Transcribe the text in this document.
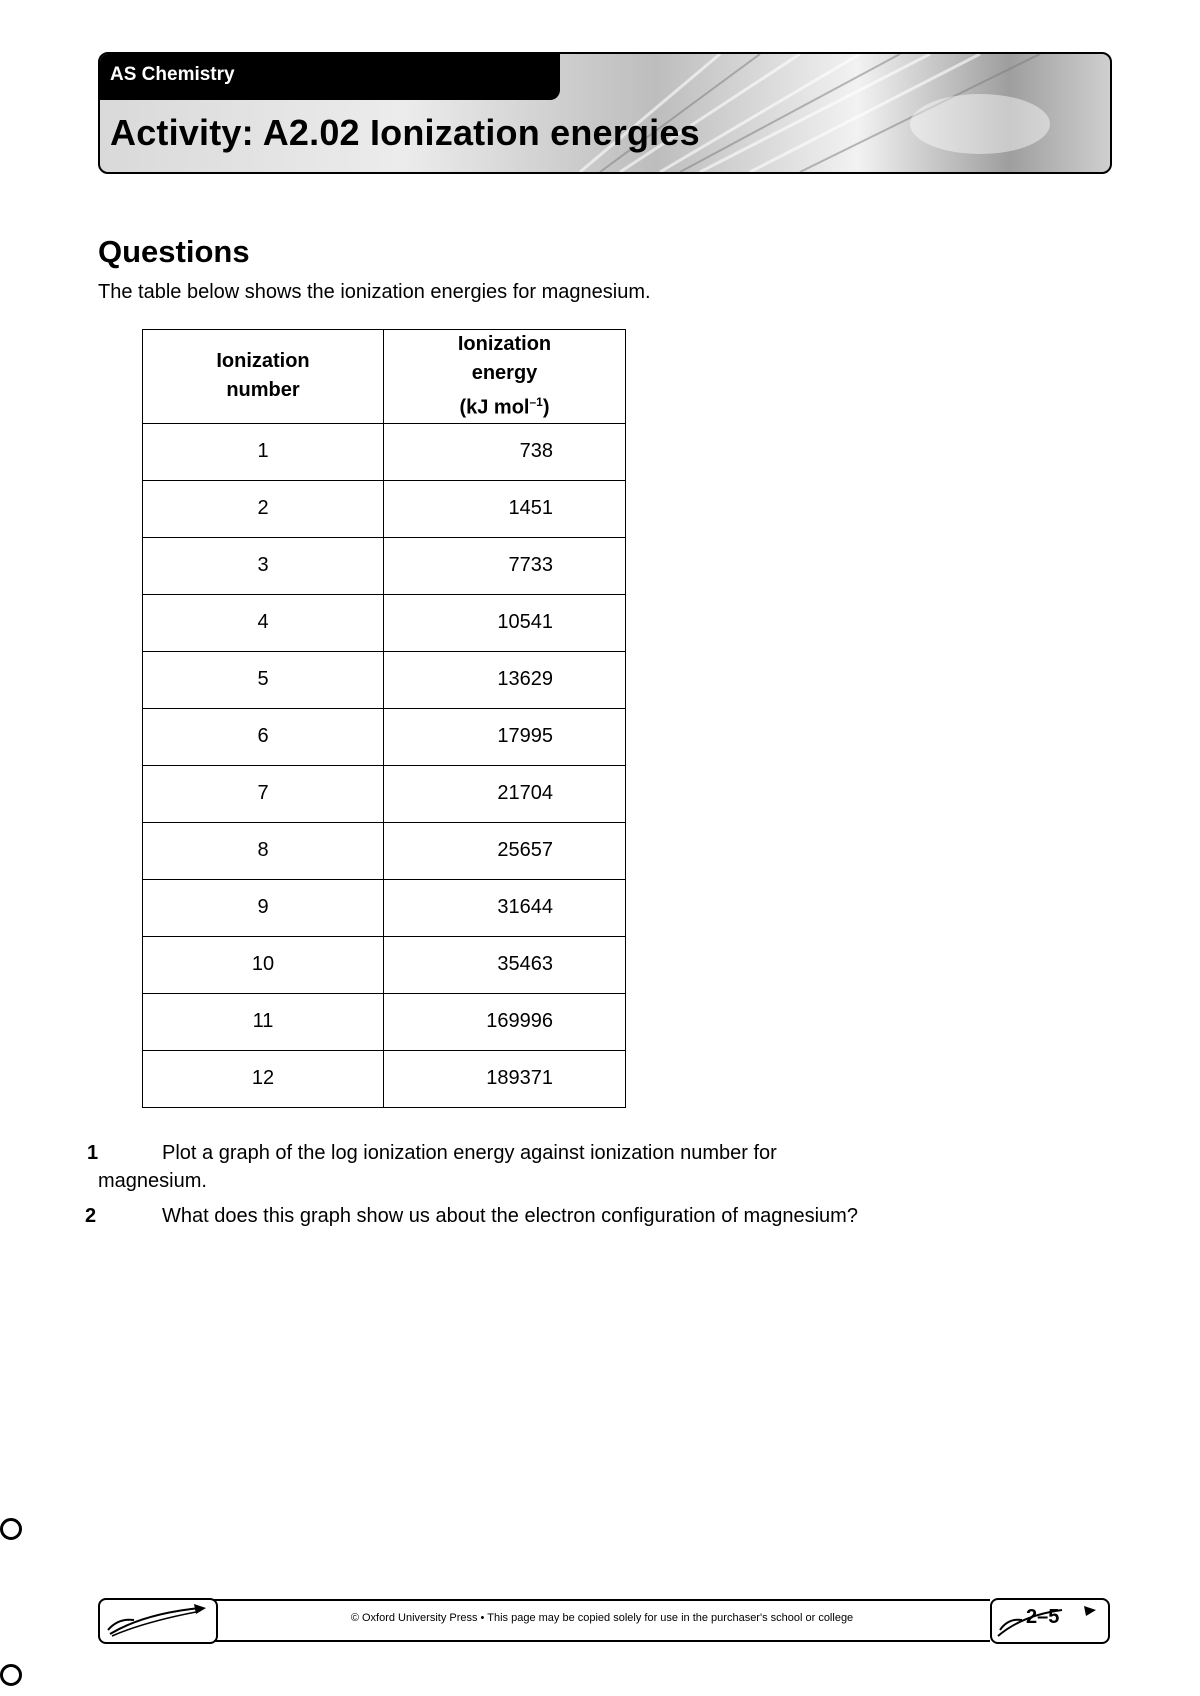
AS Chemistry
Activity: A2.02 Ionization energies
Questions
The table below shows the ionization energies for magnesium.
Ionization
number	Ionization
energy
(kJ mol$^{-1}$)
1	738
2	1451
3	7733
4	10541
5	13629
6	17995
7	21704
8	25657
9	31644
10	35463
11	169996
12	189371
1	Plot a graph of the log ionization energy against ionization number for
magnesium.
2	What does this graph show us about the electron configuration of magnesium?
© Oxford University Press • This page may be copied solely for use in the purchaser's school or college	2–5
